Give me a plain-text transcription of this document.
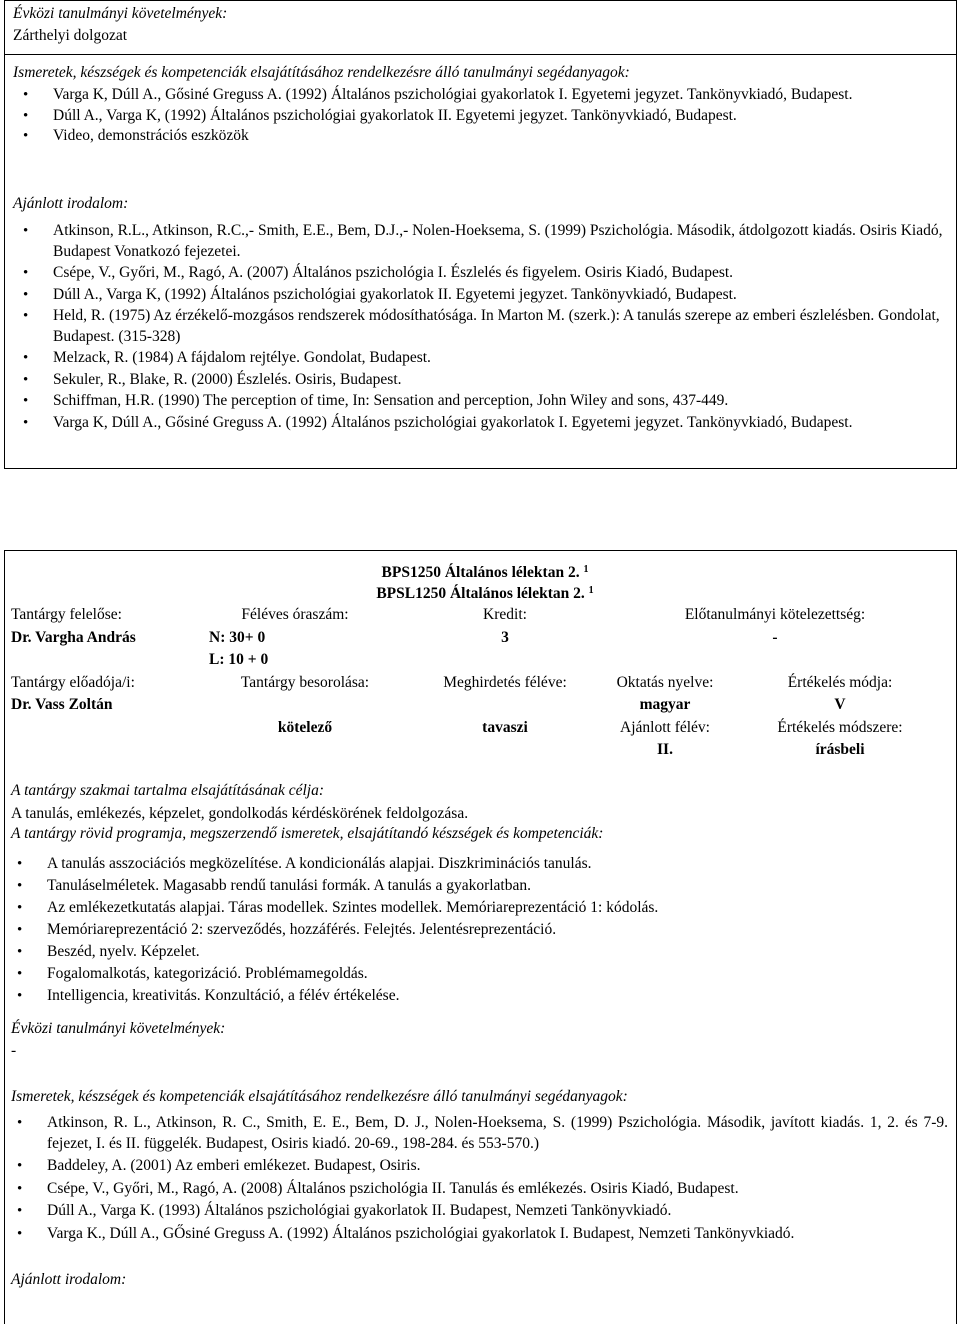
Évközi tanulmányi követelmények:
Zárthelyi dolgozat
Ismeretek, készségek és kompetenciák elsajátításához rendelkezésre álló tanulmányi segédanyagok:
• Varga K, Dúll A., Gősiné Greguss A. (1992) Általános pszichológiai gyakorlatok I. Egyetemi jegyzet. Tankönyvkiadó, Budapest.
• Dúll A., Varga K, (1992) Általános pszichológiai gyakorlatok II. Egyetemi jegyzet. Tankönyvkiadó, Budapest.
• Video, demonstrációs eszközök
Ajánlott irodalom:
• Atkinson, R.L., Atkinson, R.C.,- Smith, E.E., Bem, D.J.,- Nolen-Hoeksema, S. (1999) Pszichológia. Második, átdolgozott kiadás. Osiris Kiadó, Budapest Vonatkozó fejezetei.
• Csépe, V., Győri, M., Ragó, A. (2007) Általános pszichológia I. Észlelés és figyelem. Osiris Kiadó, Budapest.
• Dúll A., Varga K, (1992) Általános pszichológiai gyakorlatok II. Egyetemi jegyzet. Tankönyvkiadó, Budapest.
• Held, R. (1975) Az érzékelő-mozgásos rendszerek módosíthatósága. In Marton M. (szerk.): A tanulás szerepe az emberi észlelésben. Gondolat, Budapest. (315-328)
• Melzack, R. (1984) A fájdalom rejtélye. Gondolat, Budapest.
• Sekuler, R., Blake, R. (2000) Észlelés. Osiris, Budapest.
• Schiffman, H.R. (1990) The perception of time, In: Sensation and perception, John Wiley and sons, 437-449.
• Varga K, Dúll A., Gősiné Greguss A. (1992) Általános pszichológiai gyakorlatok I. Egyetemi jegyzet. Tankönyvkiadó, Budapest.
BPS1250 Általános lélektan 2. $^1$
BPSL1250 Általános lélektan 2. $^1$
Tantárgy felelőse:
Dr. Vargha András
Féléves óraszám:
N: 30+ 0
L: 10 + 0
Kredit:
3
Előtanulmányi kötelezettség:
-
Tantárgy előadója/i:
Dr. Vass Zoltán
Tantárgy besorolása:
kötelező
Meghirdetés féléve:
tavaszi
Oktatás nyelve:
magyar
Ajánlott félév:
II.
Értékelés módja:
V
Értékelés módszere:
írásbeli
A tantárgy szakmai tartalma elsajátításának célja:
A tanulás, emlékezés, képzelet, gondolkodás kérdéskörének feldolgozása.
A tantárgy rövid programja, megszerzendő ismeretek, elsajátítandó készségek és kompetenciák:
• A tanulás asszociációs megközelítése. A kondicionálás alapjai. Diszkriminációs tanulás.
• Tanuláselméletek. Magasabb rendű tanulási formák. A tanulás a gyakorlatban.
• Az emlékezetkutatás alapjai. Táras modellek. Szintes modellek. Memóriareprezentáció 1: kódolás.
• Memóriareprezentáció 2: szerveződés, hozzáférés. Felejtés. Jelentésreprezentáció.
• Beszéd, nyelv. Képzelet.
• Fogalomalkotás, kategorizáció. Problémamegoldás.
• Intelligencia, kreativitás. Konzultáció, a félév értékelése.
Évközi tanulmányi követelmények:
-
Ismeretek, készségek és kompetenciák elsajátításához rendelkezésre álló tanulmányi segédanyagok:
• Atkinson, R. L., Atkinson, R. C., Smith, E. E., Bem, D. J., Nolen-Hoeksema, S. (1999) Pszichológia. Második, javított kiadás. 1, 2. és 7-9. fejezet, I. és II. függelék. Budapest, Osiris kiadó. 20-69., 198-284. és 553-570.)
• Baddeley, A. (2001) Az emberi emlékezet. Budapest, Osiris.
• Csépe, V., Győri, M., Ragó, A. (2008) Általános pszichológia II. Tanulás és emlékezés. Osiris Kiadó, Budapest.
• Dúll A., Varga K. (1993) Általános pszichológiai gyakorlatok II. Budapest, Nemzeti Tankönyvkiadó.
• Varga K., Dúll A., GŐsiné Greguss A. (1992) Általános pszichológiai gyakorlatok I. Budapest, Nemzeti Tankönyvkiadó.
Ajánlott irodalom:
